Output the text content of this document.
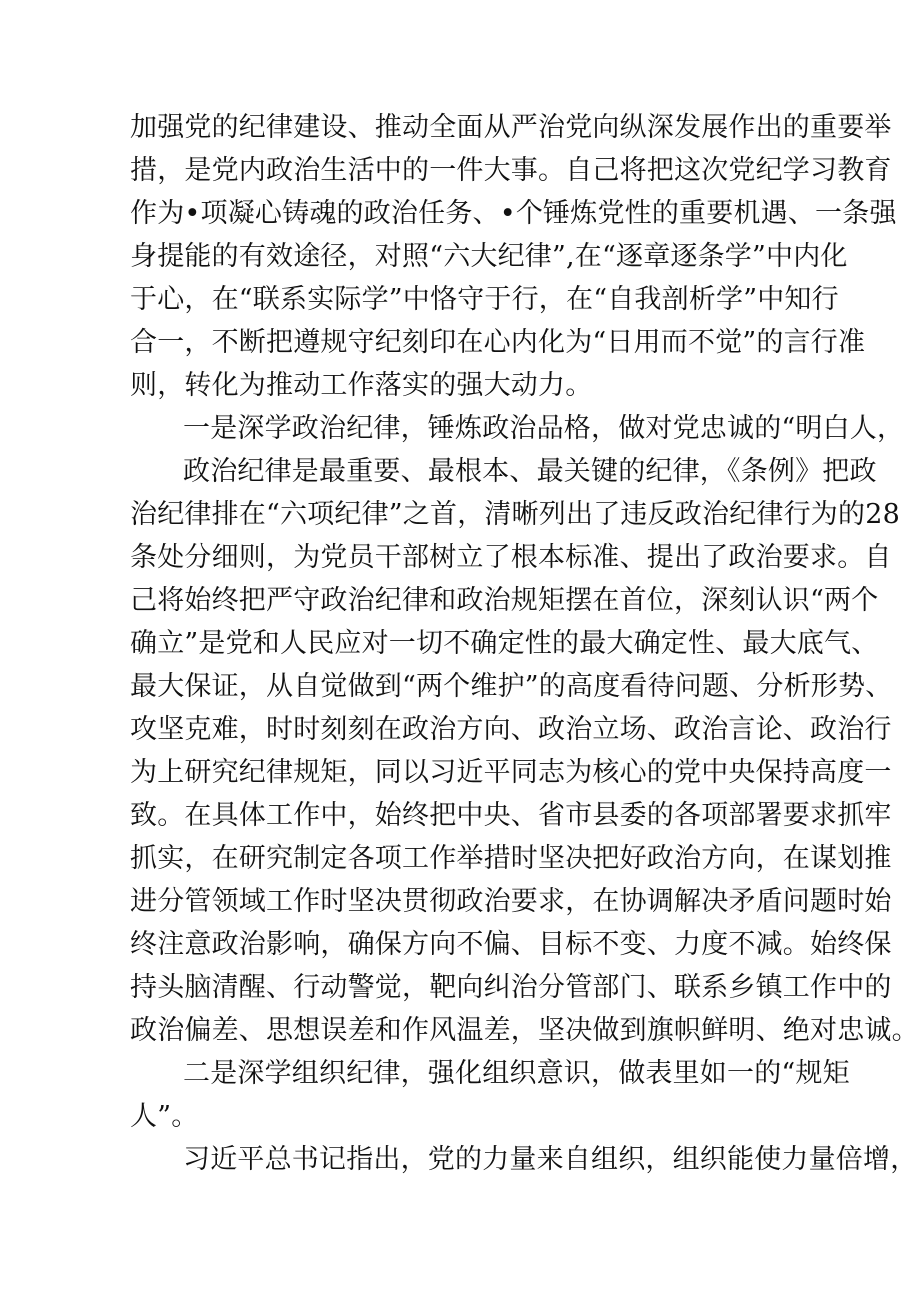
加强党的纪律建设、推动全面从严治党向纵深发展作出的重要举
措，是党内政治生活中的一件大事。自己将把这次党纪学习教育
作为•项凝心铸魂的政治任务、•个锤炼党性的重要机遇、一条强
身提能的有效途径，对照“六大纪律”,在“逐章逐条学”中内化
于心，在“联系实际学”中恪守于行，在“自我剖析学”中知行
合一，不断把遵规守纪刻印在心内化为“日用而不觉”的言行准
则，转化为推动工作落实的强大动力。
一是深学政治纪律，锤炼政治品格，做对党忠诚的“明白人，
政治纪律是最重要、最根本、最关键的纪律，《条例》把政
治纪律排在“六项纪律”之首，清晰列出了违反政治纪律行为的28
条处分细则，为党员干部树立了根本标准、提出了政治要求。自
己将始终把严守政治纪律和政治规矩摆在首位，深刻认识“两个
确立”是党和人民应对一切不确定性的最大确定性、最大底气、
最大保证，从自觉做到“两个维护”的高度看待问题、分析形势、
攻坚克难，时时刻刻在政治方向、政治立场、政治言论、政治行
为上研究纪律规矩，同以习近平同志为核心的党中央保持高度一
致。在具体工作中，始终把中央、省市县委的各项部署要求抓牢
抓实，在研究制定各项工作举措时坚决把好政治方向，在谋划推
进分管领域工作时坚决贯彻政治要求，在协调解决矛盾问题时始
终注意政治影响，确保方向不偏、目标不变、力度不减。始终保
持头脑清醒、行动警觉，靶向纠治分管部门、联系乡镇工作中的
政治偏差、思想误差和作风温差，坚决做到旗帜鲜明、绝对忠诚。
二是深学组织纪律，强化组织意识，做表里如一的“规矩
人”。
习近平总书记指出，党的力量来自组织，组织能使力量倍增，
